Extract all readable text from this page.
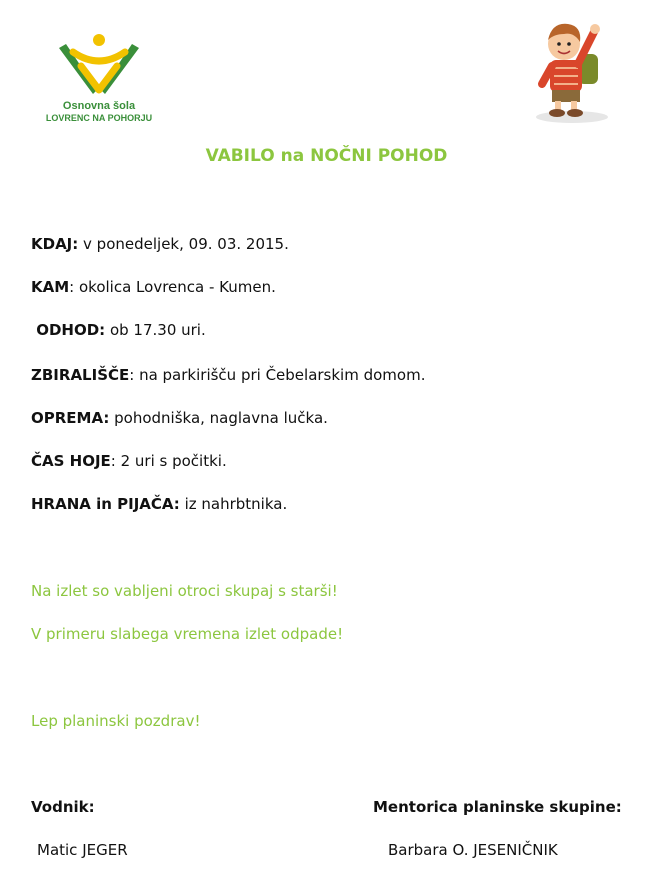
Osnovna šola
LOVRENC NA POHORJU
VABILO na NOČNI POHOD
KDAJ: v ponedeljek, 09. 03. 2015.
KAM: okolica Lovrenca - Kumen.
ODHOD: ob 17.30 uri.
ZBIRALIŠČE: na parkirišču pri Čebelarskim domom.
OPREMA: pohodniška, naglavna lučka.
ČAS HOJE: 2 uri s počitki.
HRANA in PIJAČA: iz nahrbtnika.
Na izlet so vabljeni otroci skupaj s starši!
V primeru slabega vremena izlet odpade!
Lep planinski pozdrav!
Vodnik:
Matic JEGER
Mentorica planinske skupine:
Barbara O. JESENIČNIK
